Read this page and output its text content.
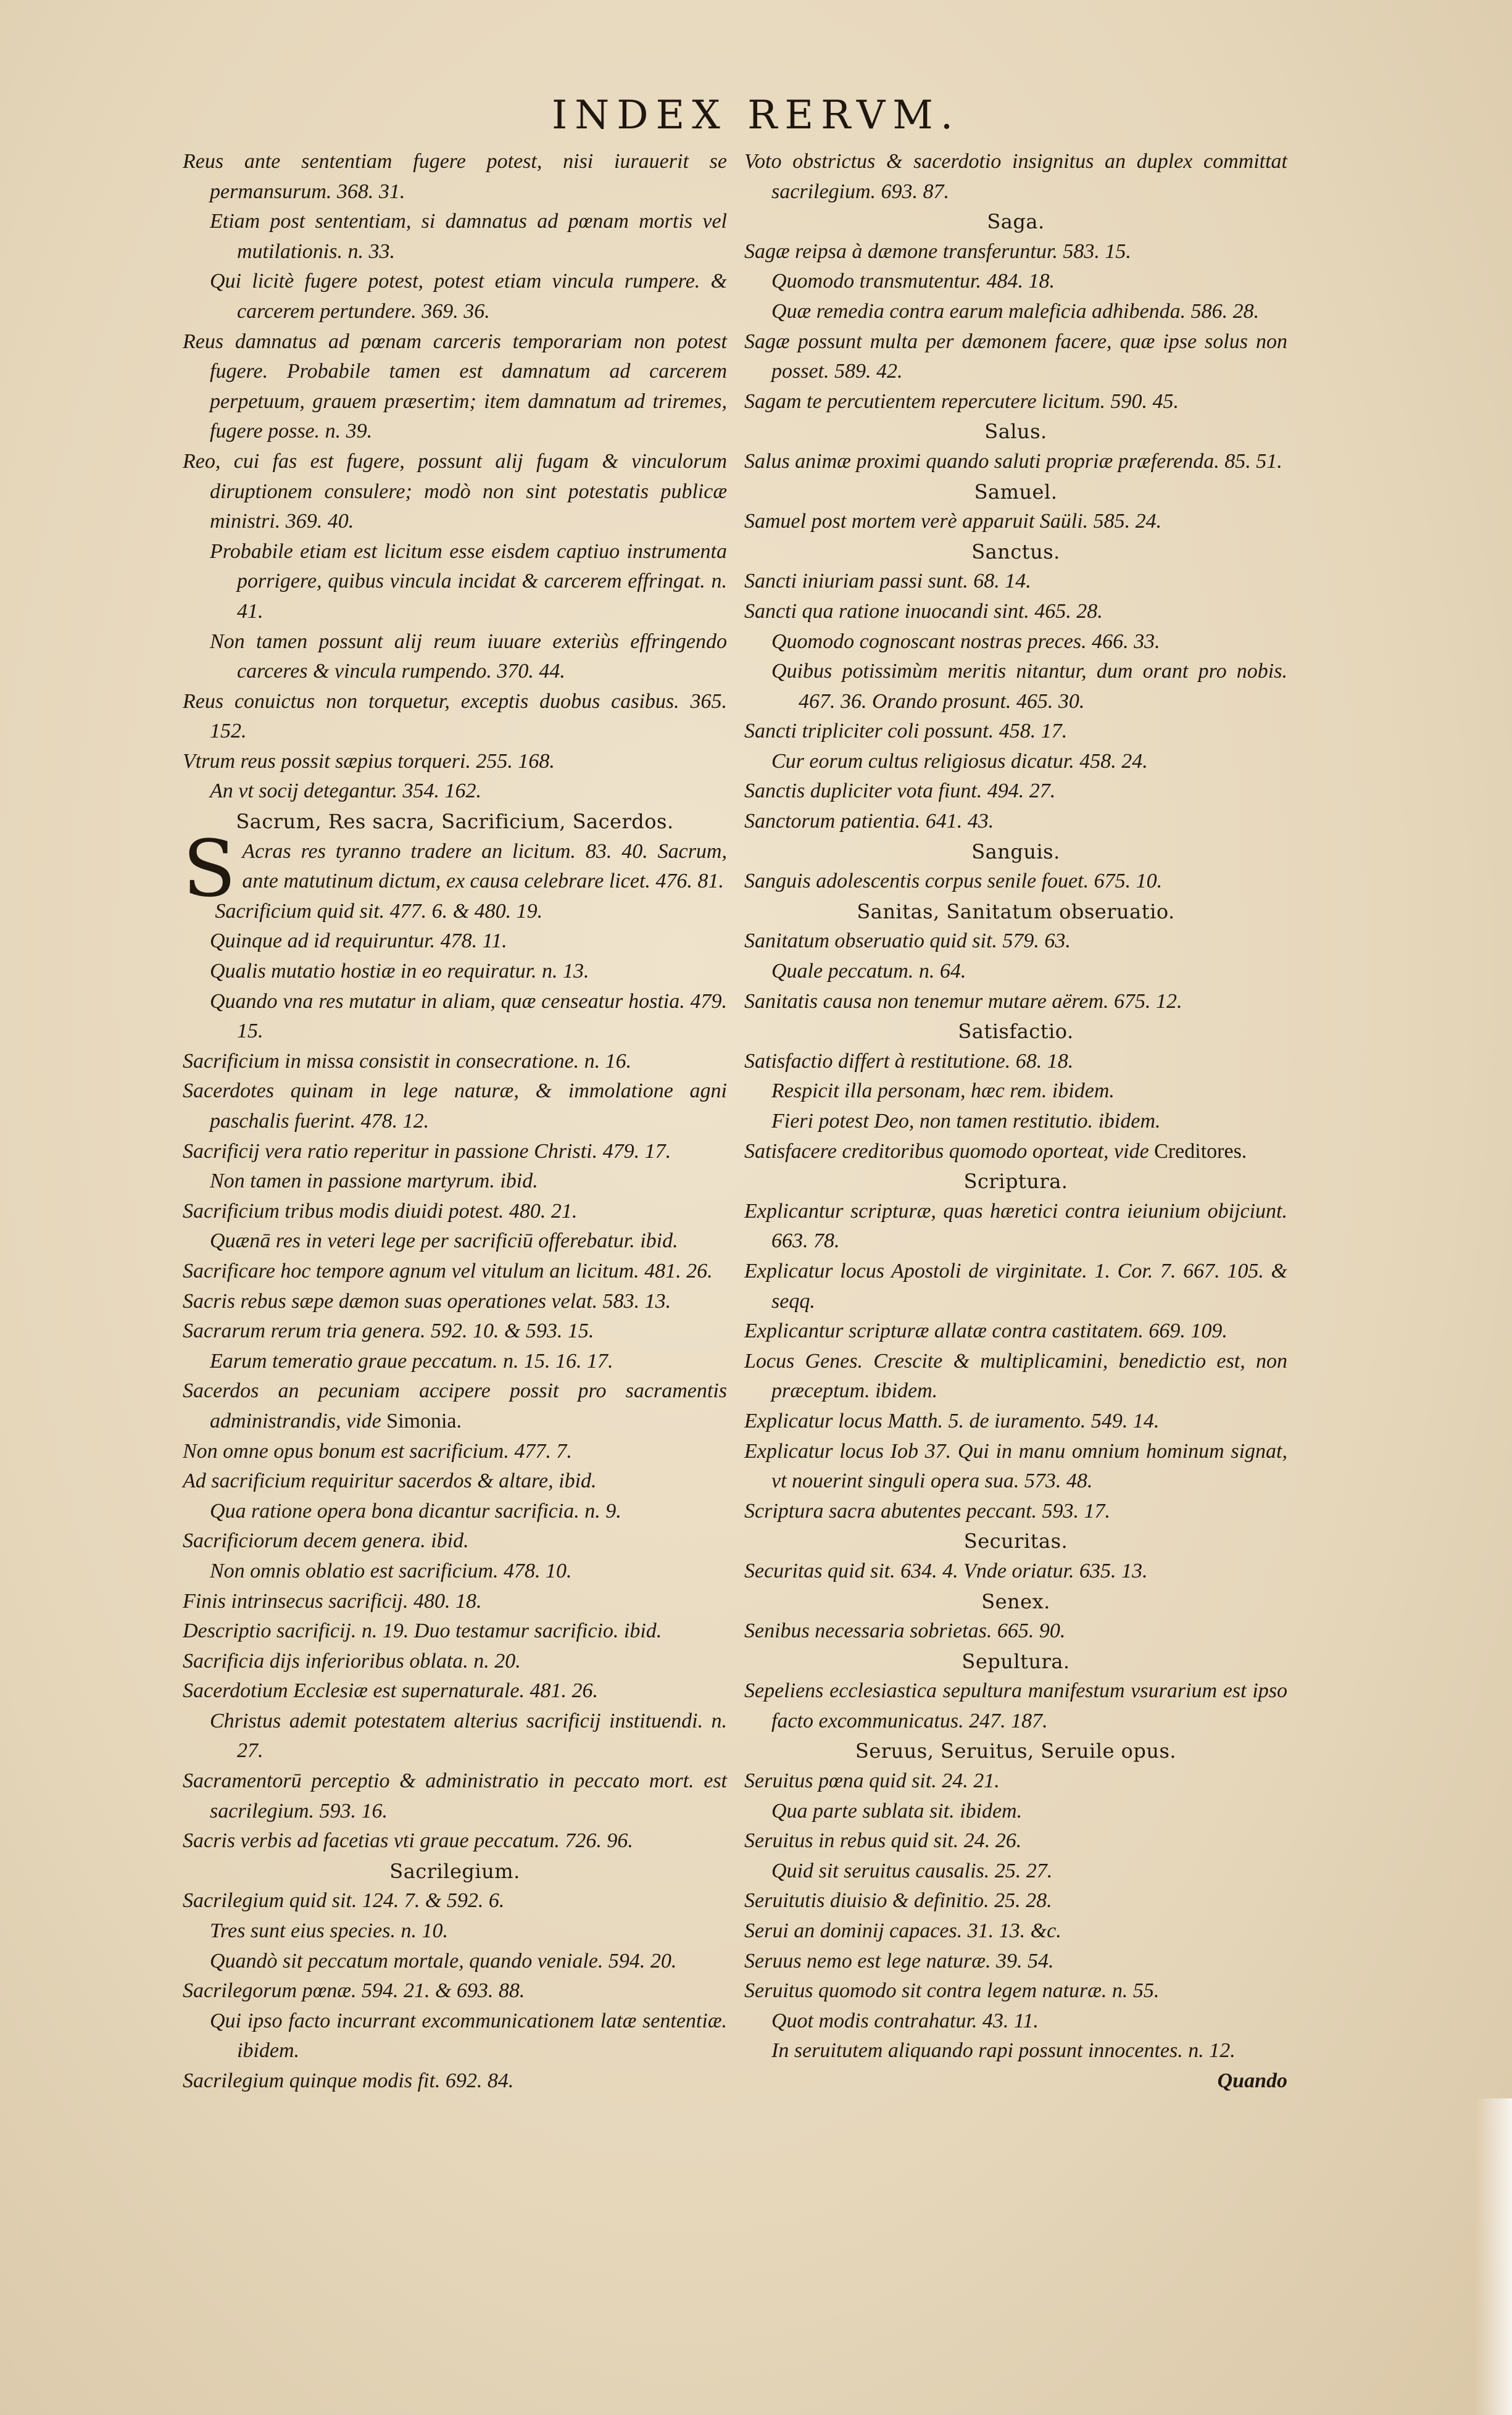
INDEX RERVM.
Reus ante sententiam fugere potest, nisi iurauerit se permansurum. 368. 31.
Etiam post sententiam, si damnatus ad pœnam mortis vel mutilationis. n. 33.
Qui licitè fugere potest, potest etiam vincula rumpere. & carcerem pertundere. 369. 36.
Reus damnatus ad pœnam carceris temporariam non potest fugere. Probabile tamen est damnatum ad carcerem perpetuum, grauem præsertim; item damnatum ad triremes, fugere posse. n. 39.
Reo, cui fas est fugere, possunt alij fugam & vinculorum diruptionem consulere; modò non sint potestatis publicæ ministri. 369. 40.
Probabile etiam est licitum esse eisdem captiuo instrumenta porrigere, quibus vincula incidat & carcerem effringat. n. 41.
Non tamen possunt alij reum iuuare exteriùs effringendo carceres & vincula rumpendo. 370. 44.
Reus conuictus non torquetur, exceptis duobus casibus. 365. 152.
Vtrum reus possit sæpius torqueri. 255. 168.
An vt socij detegantur. 354. 162.
Sacrum, Res sacra, Sacrificium, Sacerdos.
S Acras res tyranno tradere an licitum. 83. 40. Sacrum, ante matutinum dictum, ex causa celebrare licet. 476. 81.
Sacrificium quid sit. 477. 6. & 480. 19.
Quinque ad id requiruntur. 478. 11.
Qualis mutatio hostiæ in eo requiratur. n. 13.
Quando vna res mutatur in aliam, quæ censeatur hostia. 479. 15.
Sacrificium in missa consistit in consecratione. n. 16.
Sacerdotes quinam in lege naturæ, & immolatione agni paschalis fuerint. 478. 12.
Sacrificij vera ratio reperitur in passione Christi. 479. 17.
Non tamen in passione martyrum. ibid.
Sacrificium tribus modis diuidi potest. 480. 21.
Quænā res in veteri lege per sacrificiū offerebatur. ibid.
Sacrificare hoc tempore agnum vel vitulum an licitum. 481. 26.
Sacris rebus sæpe dæmon suas operationes velat. 583. 13.
Sacrarum rerum tria genera. 592. 10. & 593. 15.
Earum temeratio graue peccatum. n. 15. 16. 17.
Sacerdos an pecuniam accipere possit pro sacramentis administrandis, vide Simonia.
Non omne opus bonum est sacrificium. 477. 7.
Ad sacrificium requiritur sacerdos & altare, ibid.
Qua ratione opera bona dicantur sacrificia. n. 9.
Sacrificiorum decem genera. ibid.
Non omnis oblatio est sacrificium. 478. 10.
Finis intrinsecus sacrificij. 480. 18.
Descriptio sacrificij. n. 19. Duo testamur sacrificio. ibid.
Sacrificia dijs inferioribus oblata. n. 20.
Sacerdotium Ecclesiæ est supernaturale. 481. 26.
Christus ademit potestatem alterius sacrificij instituendi. n. 27.
Sacramentorū perceptio & administratio in peccato mort. est sacrilegium. 593. 16.
Sacris verbis ad facetias vti graue peccatum. 726. 96.
Sacrilegium.
Sacrilegium quid sit. 124. 7. & 592. 6.
Tres sunt eius species. n. 10.
Quandò sit peccatum mortale, quando veniale. 594. 20.
Sacrilegorum pœnæ. 594. 21. & 693. 88.
Qui ipso facto incurrant excommunicationem latæ sententiæ. ibidem.
Sacrilegium quinque modis fit. 692. 84.
Voto obstrictus & sacerdotio insignitus an duplex committat sacrilegium. 693. 87.
Saga.
Sagæ reipsa à dæmone transferuntur. 583. 15.
Quomodo transmutentur. 484. 18.
Quæ remedia contra earum maleficia adhibenda. 586. 28.
Sagæ possunt multa per dæmonem facere, quæ ipse solus non posset. 589. 42.
Sagam te percutientem repercutere licitum. 590. 45.
Salus.
Salus animæ proximi quando saluti propriæ præferenda. 85. 51.
Samuel.
Samuel post mortem verè apparuit Saüli. 585. 24.
Sanctus.
Sancti iniuriam passi sunt. 68. 14.
Sancti qua ratione inuocandi sint. 465. 28.
Quomodo cognoscant nostras preces. 466. 33.
Quibus potissimùm meritis nitantur, dum orant pro nobis. 467. 36. Orando prosunt. 465. 30.
Sancti tripliciter coli possunt. 458. 17.
Cur eorum cultus religiosus dicatur. 458. 24.
Sanctis dupliciter vota fiunt. 494. 27.
Sanctorum patientia. 641. 43.
Sanguis.
Sanguis adolescentis corpus senile fouet. 675. 10.
Sanitas, Sanitatum obseruatio.
Sanitatum obseruatio quid sit. 579. 63.
Quale peccatum. n. 64.
Sanitatis causa non tenemur mutare aërem. 675. 12.
Satisfactio.
Satisfactio differt à restitutione. 68. 18.
Respicit illa personam, hæc rem. ibidem.
Fieri potest Deo, non tamen restitutio. ibidem.
Satisfacere creditoribus quomodo oporteat, vide Creditores.
Scriptura.
Explicantur scripturæ, quas hæretici contra ieiunium obijciunt. 663. 78.
Explicatur locus Apostoli de virginitate. 1. Cor. 7. 667. 105. & seqq.
Explicantur scripturæ allatæ contra castitatem. 669. 109.
Locus Genes. Crescite & multiplicamini, benedictio est, non præceptum. ibidem.
Explicatur locus Matth. 5. de iuramento. 549. 14.
Explicatur locus Iob 37. Qui in manu omnium hominum signat, vt nouerint singuli opera sua. 573. 48.
Scriptura sacra abutentes peccant. 593. 17.
Securitas.
Securitas quid sit. 634. 4. Vnde oriatur. 635. 13.
Senex.
Senibus necessaria sobrietas. 665. 90.
Sepultura.
Sepeliens ecclesiastica sepultura manifestum vsurarium est ipso facto excommunicatus. 247. 187.
Seruus, Seruitus, Seruile opus.
Seruitus pœna quid sit. 24. 21.
Qua parte sublata sit. ibidem.
Seruitus in rebus quid sit. 24. 26.
Quid sit seruitus causalis. 25. 27.
Seruitutis diuisio & definitio. 25. 28.
Serui an dominij capaces. 31. 13. &c.
Seruus nemo est lege naturæ. 39. 54.
Seruitus quomodo sit contra legem naturæ. n. 55.
Quot modis contrahatur. 43. 11.
In seruitutem aliquando rapi possunt innocentes. n. 12.
Quando
